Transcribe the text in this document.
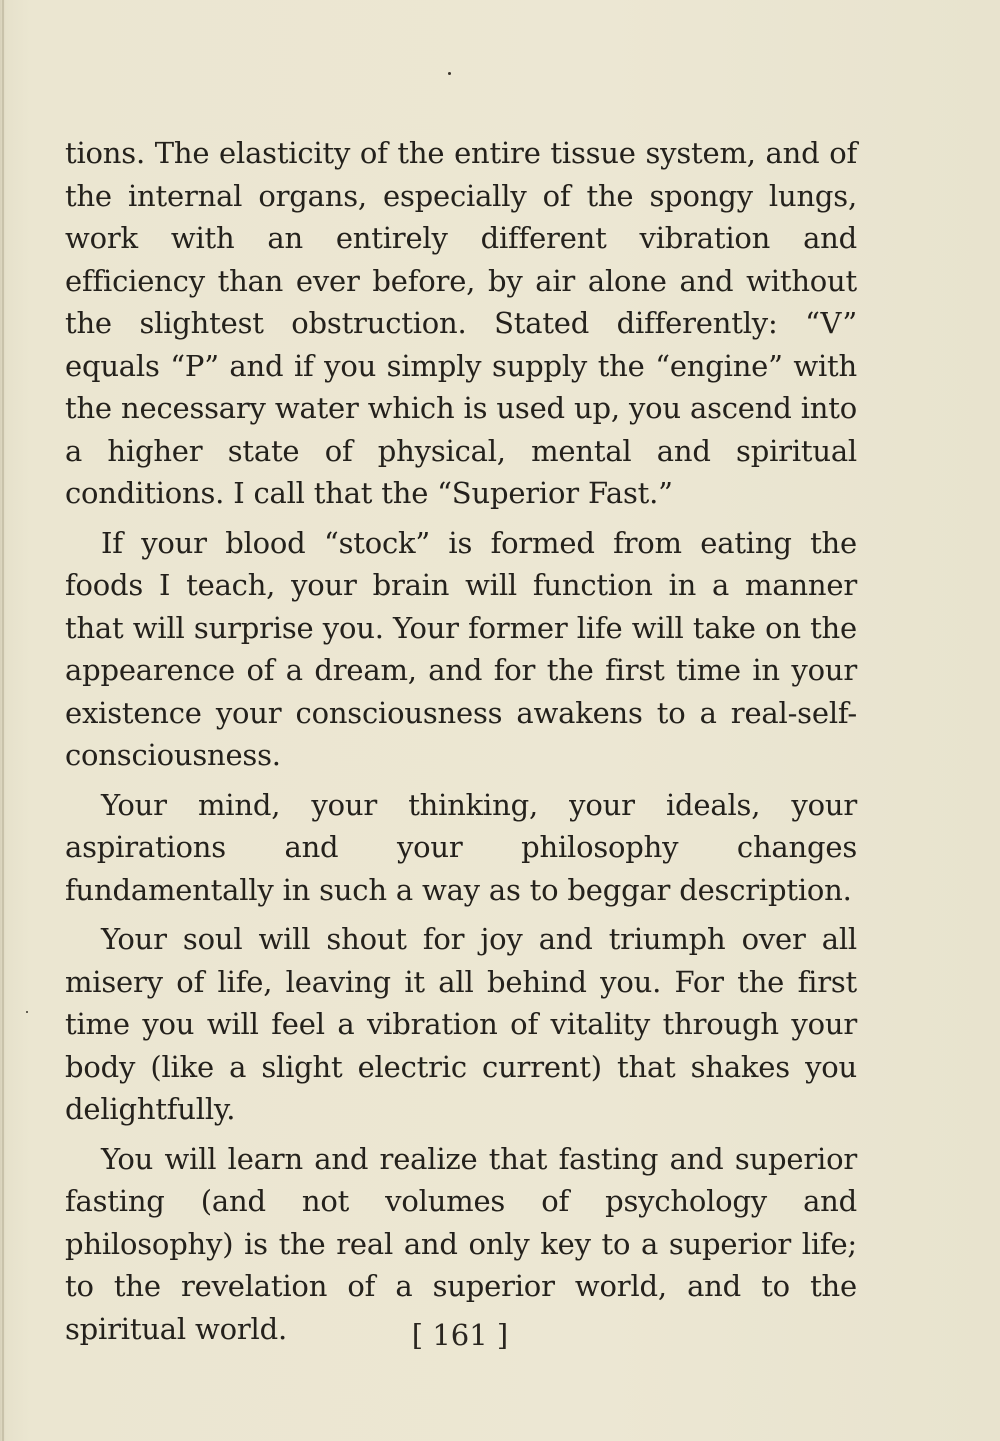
tions. The elasticity of the entire tissue system, and of the internal organs, especially of the spongy lungs, work with an entirely different vibration and efficiency than ever before, by air alone and without the slightest obstruction. Stated differently: “V” equals “P” and if you simply supply the “engine” with the necessary water which is used up, you ascend into a higher state of physical, mental and spiritual conditions. I call that the “Superior Fast.”

If your blood “stock” is formed from eating the foods I teach, your brain will function in a manner that will surprise you. Your former life will take on the appearence of a dream, and for the first time in your existence your consciousness awakens to a real-self-consciousness.

Your mind, your thinking, your ideals, your aspirations and your philosophy changes fundamentally in such a way as to beggar description.

Your soul will shout for joy and triumph over all misery of life, leaving it all behind you. For the first time you will feel a vibration of vitality through your body (like a slight electric current) that shakes you delightfully.

You will learn and realize that fasting and superior fasting (and not volumes of psychology and philosophy) is the real and only key to a superior life; to the revelation of a superior world, and to the spiritual world.	[ 161 ]
